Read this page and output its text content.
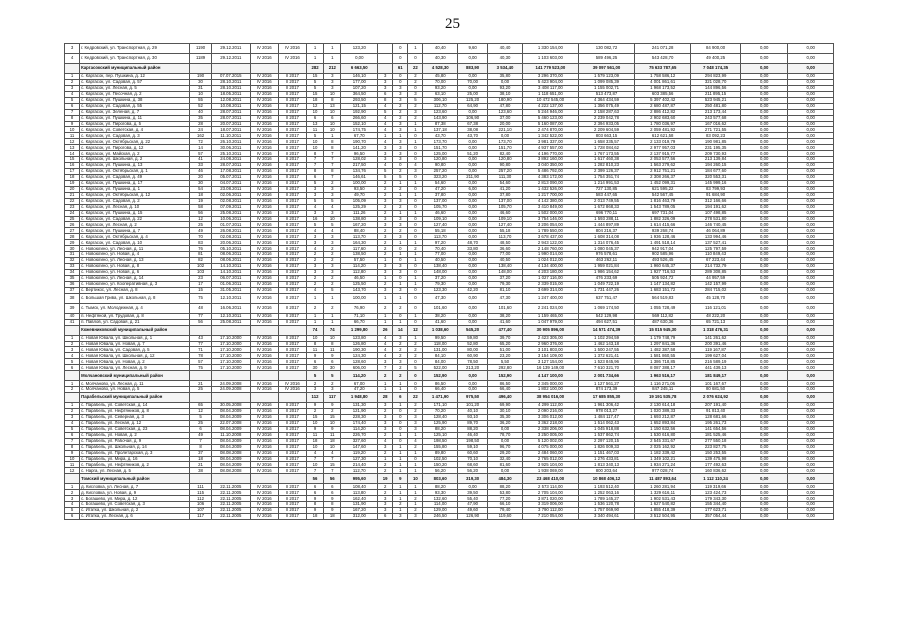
25
3	г. Кедровский, ул. Транспортная, д. 29	1190	29.12.2011	IV 2016	IV 2016	1	1	123,20		0	1	40,40	9,60	40,40	1 330 154,00	130 082,72	241 071,28	84 900,00	0,00	0,00
4	г. Кедровский, ул. Транспортная, д. 30	1189	29.12.2011	IV 2016	IV 2016	1	1	0,00		0	0	40,30	0,00	40,30	1 103 603,00	589 496,25	543 428,70	49 400,25	0,00	0,00
	Каргасокский муниципальный район					282	212	6 663,50		61	22	4 528,30	883,90	3 534,40	141 779 523,00	39 097 561,00	75 633 787,65	7 048 174,35	0,00	0,00
1	с. Каргасок, пер. Пушкина, д. 12	190	07.07.2015	IV 2016	II 2017	15	3	146,10	3	0	2	45,80	0,00	35,80	3 296 370,00	1 579 123,09	1 758 586,12	294 823,99	0,00	0,00
2	с. Каргасок, ул. Садовая, д. 57	30	28.10.2011	IV 2016	II 2017	5	3	177,00	3	0	2	70,00	70,00	0,00	5 423 904,00	1 099 085,39	4 001 861,61	321 028,70	0,00	0,00
3	с. Каргасок, ул. Лесная, д. 5	31	28.10.2011	IV 2016	II 2017	5	3	107,20	3	3	0	93,20	0,00	93,20	3 408 117,00	1 155 002,71	1 968 173,52	144 896,56	0,00	0,00
4	с. Каргасок, ул. Песочная, д. 2	10	18.05.2011	IV 2016	II 2017	15	10	364,50	6	3	3	63,10	25,00	38,10	1 118 651,00	513 473,87	603 385,56	211 895,15	0,00	0,00
5	с. Каргасок, ул. Пушкина, д. 38	55	12.08.2011	IV 2016	II 2017	18	8	293,50	8	3	5	306,10	125,20	180,90	10 472 545,00	4 364 434,59	5 397 402,42	523 945,21	0,00	0,00
6	с. Каргасок, ул. Садовая, д. 55	52	10.08.2011	IV 2016	II 2017	12	13	121,15	4	2	2	112,70	64,90	47,80	4 222 137,00	1 356 075,49	2 680 487,87	250 481,80	0,00	0,00
7	с. Каргасок, ул. Зеленая, д. 7	40	28.07.2011	IV 2016	II 2017	10	10	192,90	5	2	3	123,60	0,00	123,60	5 244 946,00	2 158 287,63	2 886 412,82	213 173,44	0,00	0,00
8	с. Каргасок, ул. Пушкина, д. 11	35	28.07.2011	IV 2016	II 2017	6	6	266,60	4	2	2	143,90	106,90	37,00	5 460 123,00	2 239 042,78	2 902 683,60	243 577,68	0,00	0,00
9	с. Каргасок, ул. Пирогова, д. 5	28	20.07.2011	IV 2016	II 2017	13	10	152,10	4	3	1	87,38	67,38	20,00	5 160 087,00	2 394 933,05	1 780 036,97	167 016,62	0,00	0,00
10	с. Каргасок, ул. Советская, д. 4	24	18.07.2011	IV 2016	II 2017	11	10	174,75	4	3	1	137,18	38,08	221,10	2 474 870,00	2 209 604,59	2 059 481,92	271 721,55	0,00	0,00
11	с. Каргасок, ул. Садовая, д. 3	162	11.10.2011	IV 2016	II 2017	5	1	67,70	1	1	0	43,70	43,70	0,00	1 342 522,00	803 663,15	612 621,58	83 092,23	0,00	0,00
12	с. Каргасок, ул. Октябрьская, д. 22	72	26.10.2011	IV 2016	II 2017	10	8	190,70	4	3	1	173,70	0,00	173,70	3 981 337,00	1 658 335,57	2 133 019,79	190 981,85	0,00	0,00
13	с. Каргасок, ул. Пирогова, д. 12	14	30.06.2011	IV 2016	II 2017	10	8	141,20	3	3	0	151,70	0,00	151,70	4 937 557,00	1 728 084,62	2 977 957,03	231 195,35	0,00	0,00
14	с. Каргасок, ул. Майская, д. 2	57	25.10.2011	IV 2016	II 2017	8	7	96,50	3	3	0	125,00	51,20	82,40	4 196 770,00	1 767 173,55	2 137 915,77	209 730,93	0,00	0,00
15	с. Каргасок, ул. Школьная, д. 2	41	24.08.2011	IV 2016	II 2017	7	7	128,02	3	3	0	120,80	0,00	120,80	3 892 160,00	1 617 460,38	2 053 577,56	213 139,84	0,00	0,00
16	с. Каргасок, ул. Пушкина, д. 13	33	28.07.2011	IV 2016	II 2017	7	7	217,50	4	0	4	90,80	0,00	90,80	3 040 350,00	1 282 810,23	1 563 279,62	194 260,15	0,00	0,00
17	с. Каргасок, ул. Октябрьская, д. 1	46	17.08.2011	IV 2016	II 2017	8	8	134,76	5	2	3	257,20	0,00	257,20	5 486 792,00	2 399 126,37	2 912 751,21	184 677,60	0,00	0,00
18	с. Каргасок, ул. Садовая, д. 49	20	05.07.2011	IV 2016	II 2017	6	7	146,61	5	5	0	323,20	211,90	111,30	4 383 172,00	1 754 351,74	2 308 266,37	320 553,31	0,00	0,00
19	с. Каргасок, ул. Пушкина, д. 17	30	04.07.2011	IV 2016	II 2017	5	2	100,00	2	1	1	54,60	0,00	54,60	2 813 090,00	1 214 991,53	1 452 099,31	145 999,16	0,00	0,00
20	с. Каргасок, ул. Пушкина, д. 1	54	23.08.2011	IV 2016	II 2017	3	3	93,50	2	2	0	47,20	6,00	41,20	1 432 526,00	727 130,85	621 595,22	83 799,93	0,00	0,00
21	с. Каргасок, ул. Октябрьская, д. 12	18	02.06.2011	IV 2016	II 2017	3	3	49,70	2	1	1	37,80	0,00	37,80	1 217 700,00	583 447,65	542 567,45	91 684,90	0,00	0,00
22	с. Каргасок, ул. Садовая, д. 2	19	02.08.2011	IV 2016	II 2017	5	5	105,09	3	3	0	137,00	0,00	137,00	4 142 380,00	2 013 749,55	1 816 463,79	312 166,66	0,00	0,00
23	с. Каргасок, ул. Лесная, д. 10	58	07.09.2011	IV 2016	II 2017	4	4	125,29	2	2	0	105,70	0,00	105,70	3 410 849,00	1 672 868,33	1 543 789,05	194 191,62	0,00	0,00
24	с. Каргасок, ул. Пушкина, д. 15	56	25.08.2011	IV 2016	II 2017	3	3	111,26	2	1	1	46,60	0,00	46,60	1 502 000,00	696 770,11	697 731,04	107 498,85	0,00	0,00
25	с. Каргасок, ул. Садовая, д. 22	12	10.06.2011	IV 2016	II 2017	16	10	138,80	3	3	0	109,10	0,00	109,10	3 754 146,00	1 593 288,11	1 882 326,09	278 531,80	0,00	0,00
26	с. Каргасок, ул. Лесная, д. 2	25	01.07.2011	IV 2016	II 2017	5	5	167,20	3	3	0	127,40	0,00	127,40	3 206 054,00	1 444 897,89	1 614 415,66	146 740,45	0,00	0,00
27	с. Каргасок, ул. Пушкина, д. 7	49	26.08.2011	IV 2016	II 2017	4	4	88,40	2	2	0	55,18	0,00	55,18	1 789 550,00	804 216,37	939 268,74	46 064,89	0,00	0,00
28	с. Каргасок, ул. Октябрьская, д. 4	70	02.08.2011	IV 2016	II 2017	3	3	113,70	3	3	0	113,70	0,00	113,70	3 678 437,00	1 608 314,08	1 936 128,46	133 994,46	0,00	0,00
29	с. Каргасок, ул. Садовая, д. 10	83	20.06.2011	IV 2016	II 2017	3	3	164,30	2	1	1	97,20	48,70	48,50	2 943 122,00	1 314 076,45	1 491 518,14	137 527,41	0,00	0,00
30	с. Новоюгино, ул. Лесная, д. 11	76	05.10.2011	IV 2016	II 2017	4	2	117,60	2	0	2	70,40	33,80	36,60	2 148 760,00	1 080 045,37	942 917,04	125 797,59	0,00	0,00
31	с. Новоюгино, ул. Новая, д. 4	81	08.06.2011	IV 2016	II 2017	2	2	138,50	2	1	1	77,00	0,00	77,00	1 990 014,00	976 578,61	902 585,96	110 849,43	0,00	0,00
32	с. Новоюгино, ул. Лесная, д. 13	82	08.06.2011	IV 2016	II 2017	2	2	57,50	1	0	1	40,50	0,00	40,50	1 024 012,00	463 262,11	493 526,45	67 223,44	0,00	0,00
33	с. Новоюгино, ул. Новая, д. 8	102	14.10.2011	IV 2016	II 2017	3	3	114,20	3	3	0	138,40	0,00	138,40	4 134 400,00	1 959 021,84	1 960 645,37	214 732,79	0,00	0,00
34	с. Новоюгино, ул. Новая, д. 6	103	14.10.2011	IV 2016	II 2017	3	3	112,80	3	3	0	148,00	0,00	148,00	4 203 180,00	1 986 154,62	1 927 716,53	289 308,85	0,00	0,00
35	с. Новоюгино, ул. Лесная, д. 14	23	06.07.2011	IV 2016	II 2017	2	2	46,50	1	0	1	37,20	0,00	37,20	1 027 116,00	476 233,69	505 924,72	44 957,59	0,00	0,00
36	с. Новоюгино, ул. Кооперативная, д. 3	17	01.06.2011	IV 2016	II 2017	2	2	125,50	2	1	1	79,30	0,00	79,30	2 339 015,00	1 049 722,19	1 147 134,82	142 157,99	0,00	0,00
37	с. Вертикос, ул. Лесная, д. 8	15	31.05.2011	IV 2016	II 2017	4	5	143,70	3	3	0	123,30	42,20	81,10	3 699 314,00	1 731 447,26	1 683 151,72	284 715,02	0,00	0,00
38	с. Большая Грива, ул. Школьная, д. 8	75	12.10.2011	IV 2016	II 2017	1	1	100,00	1	1	0	47,30	0,00	47,30	1 247 400,00	637 751,47	564 519,83	45 128,70	0,00	0,00
39	с. Тымск, ул. Молодежная, д. 4	48	16.06.2011	IV 2016	II 2017	2	2	76,90	2	2	0	101,60	0,00	101,60	2 241 024,00	1 069 174,50	1 055 728,49	116 121,01	0,00	0,00
40	п. Нефтяной, ул. Трудовая, д. 8	77	12.10.2011	IV 2016	II 2017	1	1	71,10	1	0	1	38,20	0,00	38,20	1 159 465,00	542 129,98	569 112,82	48 222,20	0,00	0,00
41	п. Павлов, ул. Садовая, д. 21	56	25.08.2011	IV 2016	II 2017	1	1	66,70	1	1	0	41,60	0,00	41,60	1 047 979,00	494 627,51	487 630,36	65 721,13	0,00	0,00
	Кожевниковский муниципальный район					74	74	1 299,80	26	14	12	1 038,60	545,20	477,40	30 905 896,00	14 571 474,39	15 015 945,30	1 318 476,31	0,00	0,00
1	с. Новая Ювала, ул. Школьная, д. 1	43	17.10.2000	IV 2016	II 2017	10	10	123,80	4	3	1	99,50	59,80	39,70	2 423 305,00	1 102 294,59	1 179 748,79	141 261,62	0,00	0,00
2	с. Новая Ювала, ул. Новая, д. 7	77	17.10.2000	IV 2016	II 2017	8	8	126,80	4	2	2	118,00	52,80	65,20	2 960 376,00	1 462 143,18	1 297 841,36	200 391,46	0,00	0,00
3	с. Новая Ювала, ул. Садовая, д. 5	71	17.10.2000	IV 2016	II 2017	11	11	190,30	4	2	2	131,00	80,00	51,00	3 101 803,00	1 500 247,55	1 482 387,58	119 167,87	0,00	0,00
4	с. Новая Ювала, ул. Школьная, д. 12	78	17.10.2000	IV 2016	II 2017	9	9	124,30	4	2	2	84,10	60,90	23,20	3 154 109,00	1 372 621,41	1 581 860,55	199 627,04	0,00	0,00
5	с. Новая Ювала, ул. Новая, д. 2	57	17.10.2000	IV 2016	II 2017	6	6	128,60	3	3	0	84,00	78,50	5,50	3 127 154,00	1 523 845,96	1 386 718,85	216 589,19	0,00	0,00
6	с. Новая Ювала, ул. Лесная, д. 9	75	17.10.2000	IV 2016	II 2017	30	30	606,00	7	2	5	522,00	213,20	292,80	16 139 149,00	7 610 321,70	8 087 388,17	441 439,13	0,00	0,00
	Молчановский муниципальный район					5	5	114,20	2	2	0	152,90	0,00	152,90	4 147 100,00	2 001 734,66	1 963 516,17	181 849,17	0,00	0,00
1	с. Молчаново, ул. Лесная, д. 11	21	24.09.2008	IV 2016	IV 2016	2	2	67,00	1	1	0	86,50	0,00	86,50	2 345 000,00	1 127 561,27	1 116 271,06	101 167,67	0,00	0,00
2	с. Молчаново, ул. Новая, д. 5	25	24.09.2008	IV 2016	IV 2016	3	3	47,20	1	1	0	66,40	0,00	66,40	1 802 100,00	874 173,39	847 245,11	80 681,50	0,00	0,00
	Парабельский муниципальный район					112	117	1 948,80	28	6	22	1 471,90	975,50	496,40	38 954 016,00	17 685 855,30	19 191 535,78	2 076 624,92	0,00	0,00
1	с. Парабель, ул. Советская, д. 14	65	30.05.2008	IV 2016	II 2017	9	9	131,30	3	1	2	171,10	101,20	69,90	4 299 112,00	1 961 306,42	2 130 614,18	207 191,40	0,00	0,00
2	с. Парабель, ул. Нефтяников, д. 8	12	08.04.2009	IV 2016	II 2017	2	2	121,90	2	0	2	70,20	40,10	30,10	2 090 216,00	978 013,27	1 020 389,33	91 813,40	0,00	0,00
3	с. Парабель, ул. Северная, д. 3	5	08.04.2009	IV 2016	II 2017	15	15	228,30	3	0	3	128,40	93,10	35,30	3 306 012,00	1 484 117,47	1 693 212,87	128 681,66	0,00	0,00
4	с. Парабель, ул. Лесная, д. 12	25	22.07.2008	IV 2016	II 2017	10	10	174,40	3	0	3	125,90	89,70	36,20	3 362 218,00	1 514 062,43	1 652 893,84	195 261,73	0,00	0,00
5	с. Парабель, ул. Советская, д. 23	6	08.04.2009	IV 2016	II 2017	9	9	114,20	3	0	3	88,20	88,20	0,00	2 338 206,00	1 045 918,88	1 150 632,56	141 654,56	0,00	0,00
6	с. Парабель, ул. Новая, д. 2	49	11.10.2008	IV 2016	II 2017	11	11	226,70	2	1	1	125,10	46,40	78,70	3 250 005,00	1 537 862,74	1 530 616,80	181 525,46	0,00	0,00
7	с. Парабель, ул. Рабочая, д. 9	7	08.04.2009	IV 2016	II 2017	18	18	327,60	4	0	4	198,50	198,50	0,00	5 120 002,00	2 297 120,15	2 545 331,67	277 550,18	0,00	0,00
8	с. Парабель, ул. Школьная, д. 14	8	08.04.2009	IV 2016	II 2017	10	10	147,60	3	1	2	155,80	59,10	96,70	4 075 000,00	1 826 009,33	2 025 162,92	223 827,75	0,00	0,00
9	с. Парабель, ул. Пролетарская, д. 3	37	08.08.2008	IV 2016	II 2017	4	4	119,20	2	1	1	89,80	60,60	29,20	2 484 060,00	1 151 467,03	1 182 339,42	150 253,55	0,00	0,00
10	с. Парабель, ул. Мира, д. 16	18	08.04.2009	IV 2016	II 2017	7	7	127,30	1	1	0	102,50	70,10	32,40	2 765 012,00	1 276 433,81	1 349 102,21	139 475,98	0,00	0,00
11	с. Парабель, ул. Нефтяников, д. 2	21	08.04.2009	IV 2016	II 2017	10	15	214,40	2	1	1	150,20	68,60	81,60	3 925 104,00	1 813 340,13	1 934 271,24	177 492,63	0,00	0,00
12	с. Нарга, ул. Лесная, д. 5	38	08.08.2008	IV 2016	II 2017	7	7	112,70	2	1	1	56,20	56,20	0,00	1 938 069,00	800 203,64	977 028,74	160 836,62	0,00	0,00
	Томский муниципальный район					56	56	995,60	19	9	10	803,60	319,30	484,30	23 468 410,00	10 868 406,12	11 487 893,64	1 112 110,24	0,00	0,00
1	д. Кисловка, ул. Лесная, д. 7	111	22.11.2005	IV 2016	II 2017	6	6	108,40	2	1	1	88,20	0,00	88,20	2 573 114,00	1 193 512,40	1 260 281,94	119 319,66	0,00	0,00
2	д. Кисловка, ул. Новая, д. 9	115	22.11.2005	IV 2016	II 2017	6	6	113,80	2	1	1	93,30	39,50	53,80	2 705 104,00	1 252 063,16	1 329 616,11	123 424,73	0,00	0,00
3	с. Богашево, ул. Мира, д. 12	112	22.11.2005	IV 2016	II 2017	9	9	162,40	3	1	2	132,60	55,40	77,20	3 871 020,00	1 789 145,27	1 902 531,43	179 343,30	0,00	0,00
4	с. Богашево, ул. Советская, д. 3	106	22.11.2005	IV 2016	II 2017	8	8	131,90	3	2	1	114,00	47,90	66,10	3 319 006,00	1 536 120,78	1 627 540,82	155 344,40	0,00	0,00
5	с. Итатка, ул. Школьная, д. 2	107	22.11.2005	IV 2016	II 2017	9	9	167,20	3	1	2	129,00	49,60	79,40	3 790 112,00	1 757 069,90	1 855 418,39	177 623,71	0,00	0,00
6	с. Итатка, ул. Лесная, д. 6	117	22.11.2005	IV 2016	II 2017	18	18	312,00	6	3	3	246,50	126,90	119,60	7 210 054,00	3 340 494,61	3 512 504,95	357 054,44	0,00	0,00
